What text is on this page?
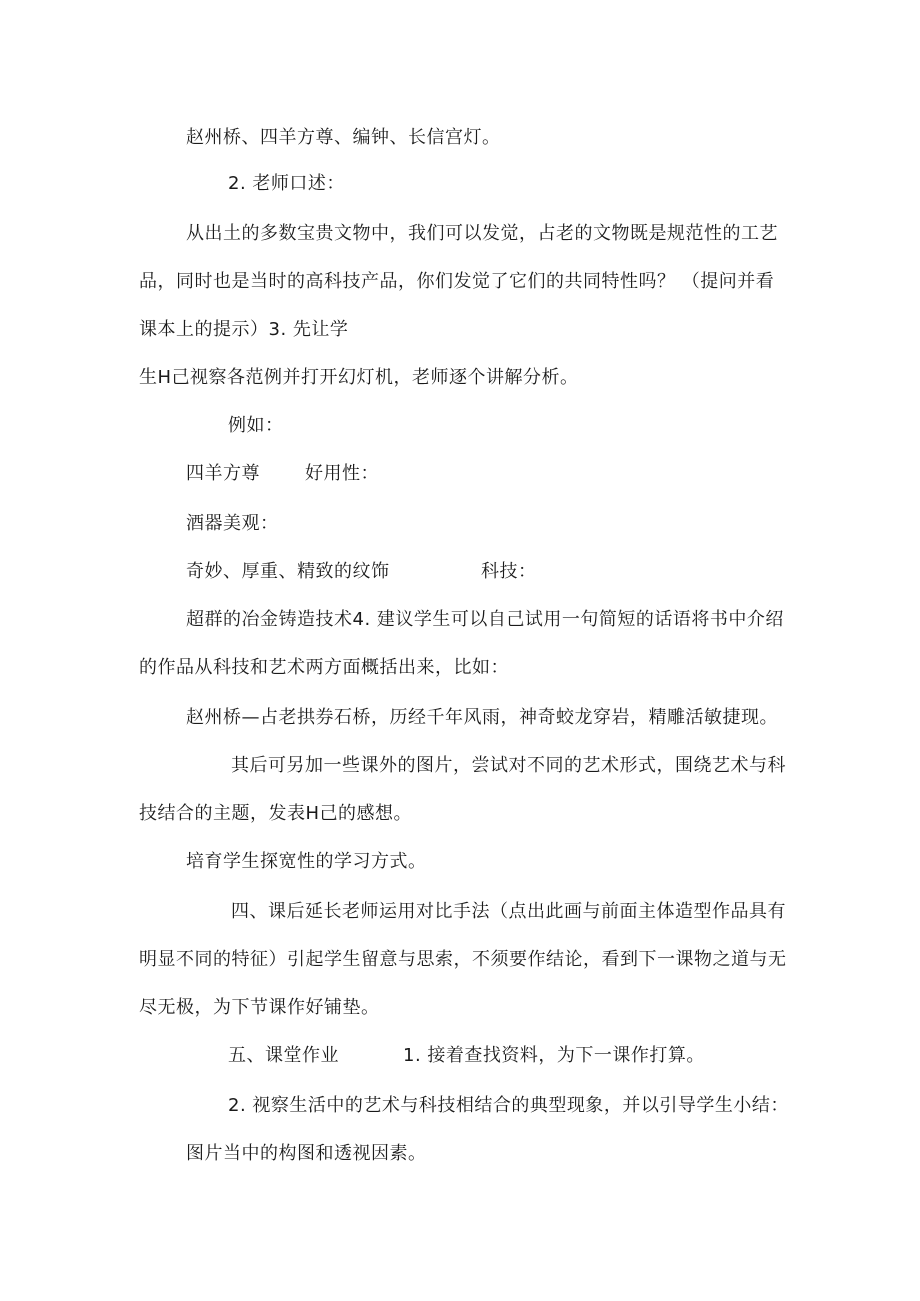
赵州桥、四羊方尊、编钟、长信宫灯。
2. 老师口述：
从出土的多数宝贵文物中，我们可以发觉，占老的文物既是规范性的工艺
品，同时也是当时的高科技产品，你们发觉了它们的共同特性吗？ （提问并看
课本上的提示）3. 先让学
生H己视察各范例并打开幻灯机，老师逐个讲解分析。
例如：
四羊方尊	好用性：
酒器美观：
奇妙、厚重、精致的纹饰	科技：
超群的冶金铸造技术4. 建议学生可以自己试用一句简短的话语将书中介绍
的作品从科技和艺术两方面概括出来，比如：
赵州桥—占老拱券石桥，历经千年风雨，神奇蛟龙穿岩，精雕活敏捷现。
其后可另加一些课外的图片，尝试对不同的艺术形式，围绕艺术与科
技结合的主题，发表H己的感想。
培育学生探宽性的学习方式。
四、课后延长老师运用对比手法（点出此画与前面主体造型作品具有
明显不同的特征）引起学生留意与思索，不须要作结论，看到下一课物之道与无
尽无极，为下节课作好铺垫。
五、课堂作业	1. 接着查找资料，为下一课作打算。
2. 视察生活中的艺术与科技相结合的典型现象，并以引导学生小结：
图片当中的构图和透视因素。
